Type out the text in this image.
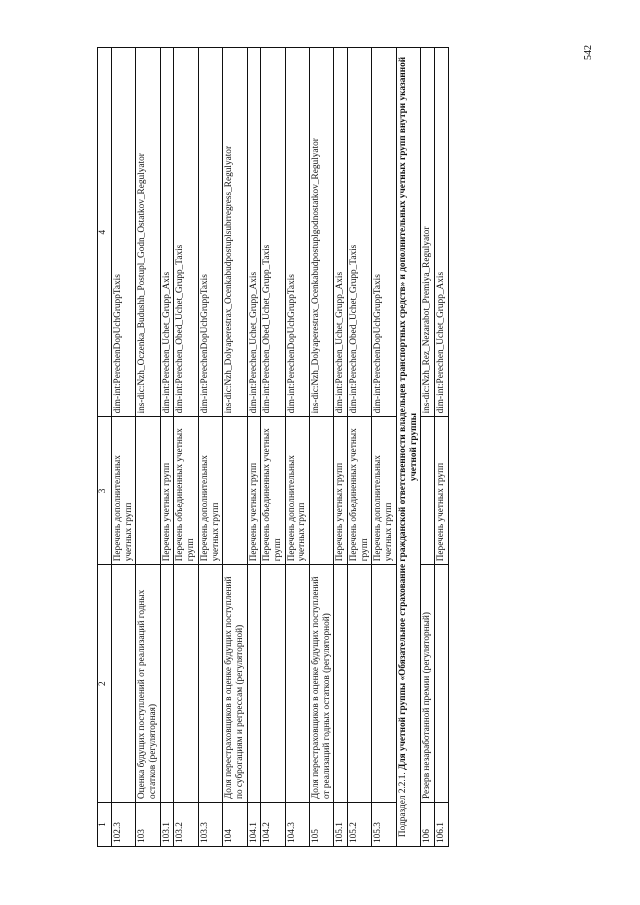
542
1	2	3	4
102.3		Перечень дополнительных учетных групп	dim-int:PerechenDopUchGruppTaxis
103	Оценка будущих поступлений от реализаций годных остатков (регуляторная)		ins-dic:Nzh_Oczenka_Budushh_Postupl_Godn_Ostatkov_Regulyator
103.1		Перечень учетных групп	dim-int:Perechen_Uchet_Grupp_Axis
103.2		Перечень объединенных учетных групп	dim-int:Perechen_Obed_Uchet_Grupp_Taxis
103.3		Перечень дополнительных учетных групп	dim-int:PerechenDopUchGruppTaxis
104	Доля перестраховщиков в оценке будущих поступлений по суброгациям и регрессам (регуляторной)		ins-dic:Nzh_Dolyaperestrax_Ocenkabudpostuplsubrregress_Regulyator
104.1		Перечень учетных групп	dim-int:Perechen_Uchet_Grupp_Axis
104.2		Перечень объединенных учетных групп	dim-int:Perechen_Obed_Uchet_Grupp_Taxis
104.3		Перечень дополнительных учетных групп	dim-int:PerechenDopUchGruppTaxis
105	Доля перестраховщиков в оценке будущих поступлений от реализаций годных остатков (регуляторной)		ins-dic:Nzh_Dolyaperestrax_Ocenkabudpostuplgodnostatkov_Regulyator
105.1		Перечень учетных групп	dim-int:Perechen_Uchet_Grupp_Axis
105.2		Перечень объединенных учетных групп	dim-int:Perechen_Obed_Uchet_Grupp_Taxis
105.3		Перечень дополнительных учетных групп	dim-int:PerechenDopUchGruppTaxis
Подраздел 2.2.1. Для учетной группы «Обязательное страхование гражданской ответственности владельцев транспортных средств» и дополнительных учетных групп внутри указанной учетной группы			
106	Резерв незаработанной премии (регуляторный)		ins-dic:Nzh_Rez_Nezarabot_Premiya_Regulyator
106.1		Перечень учетных групп	dim-int:Perechen_Uchet_Grupp_Axis
